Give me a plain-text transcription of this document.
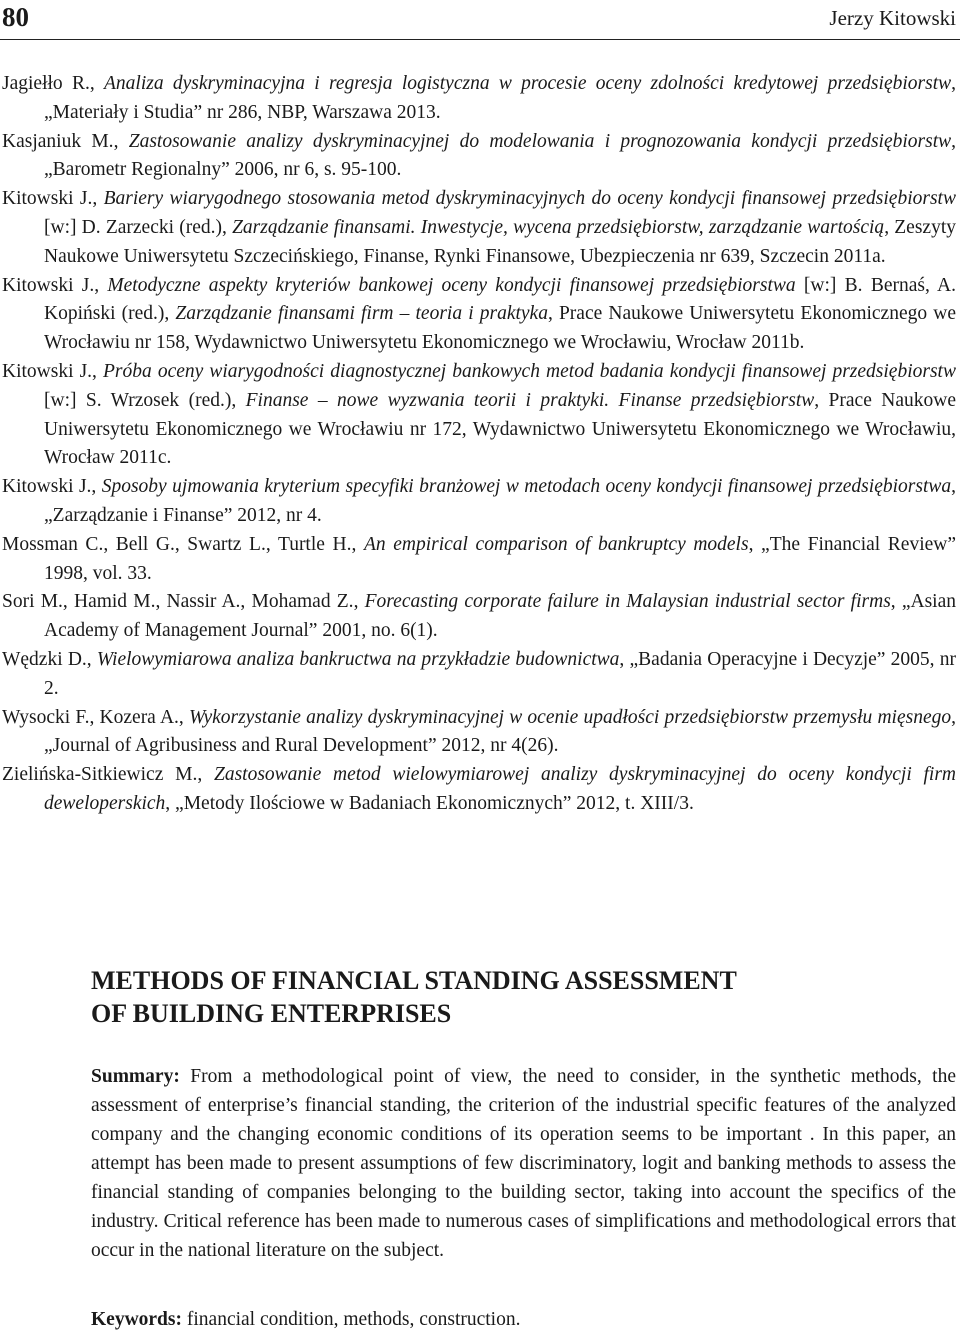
80	Jerzy Kitowski

Jagiełło R., Analiza dyskryminacyjna i regresja logistyczna w procesie oceny zdolności kredytowej przedsiębiorstw, „Materiały i Studia” nr 286, NBP, Warszawa 2013.

Kasjaniuk M., Zastosowanie analizy dyskryminacyjnej do modelowania i prognozowania kondycji przedsiębiorstw, „Barometr Regionalny” 2006, nr 6, s. 95-100.

Kitowski J., Bariery wiarygodnego stosowania metod dyskryminacyjnych do oceny kondycji finansowej przedsiębiorstw [w:] D. Zarzecki (red.), Zarządzanie finansami. Inwestycje, wycena przedsiębiorstw, zarządzanie wartością, Zeszyty Naukowe Uniwersytetu Szczecińskiego, Finanse, Rynki Finansowe, Ubezpieczenia nr 639, Szczecin 2011a.

Kitowski J., Metodyczne aspekty kryteriów bankowej oceny kondycji finansowej przedsiębiorstwa [w:] B. Bernaś, A. Kopiński (red.), Zarządzanie finansami firm – teoria i praktyka, Prace Naukowe Uniwersytetu Ekonomicznego we Wrocławiu nr 158, Wydawnictwo Uniwersytetu Ekonomicznego we Wrocławiu, Wrocław 2011b.

Kitowski J., Próba oceny wiarygodności diagnostycznej bankowych metod badania kondycji finansowej przedsiębiorstw [w:] S. Wrzosek (red.), Finanse – nowe wyzwania teorii i praktyki. Finanse przedsiębiorstw, Prace Naukowe Uniwersytetu Ekonomicznego we Wrocławiu nr 172, Wydawnictwo Uniwersytetu Ekonomicznego we Wrocławiu, Wrocław 2011c.

Kitowski J., Sposoby ujmowania kryterium specyfiki branżowej w metodach oceny kondycji finansowej przedsiębiorstwa, „Zarządzanie i Finanse” 2012, nr 4.

Mossman C., Bell G., Swartz L., Turtle H., An empirical comparison of bankruptcy models, „The Financial Review” 1998, vol. 33.

Sori M., Hamid M., Nassir A., Mohamad Z., Forecasting corporate failure in Malaysian industrial sector firms, „Asian Academy of Management Journal” 2001, no. 6(1).

Wędzki D., Wielowymiarowa analiza bankructwa na przykładzie budownictwa, „Badania Operacyjne i Decyzje” 2005, nr 2.

Wysocki F., Kozera A., Wykorzystanie analizy dyskryminacyjnej w ocenie upadłości przedsiębiorstw przemysłu mięsnego, „Journal of Agribusiness and Rural Development” 2012, nr 4(26).

Zielińska-Sitkiewicz M., Zastosowanie metod wielowymiarowej analizy dyskryminacyjnej do oceny kondycji firm deweloperskich, „Metody Ilościowe w Badaniach Ekonomicznych” 2012, t. XIII/3.

METHODS OF FINANCIAL STANDING ASSESSMENT
OF BUILDING ENTERPRISES

Summary: From a methodological point of view, the need to consider, in the synthetic methods, the assessment of enterprise’s financial standing, the criterion of the industrial specific features of the analyzed company and the changing economic conditions of its operation seems to be important . In this paper, an attempt has been made to present assumptions of few discriminatory, logit and banking methods to assess the financial standing of companies belonging to the building sector, taking into account the specifics of the industry. Critical reference has been made to numerous cases of simplifications and methodological errors that occur in the national literature on the subject.

Keywords: financial condition, methods, construction.
